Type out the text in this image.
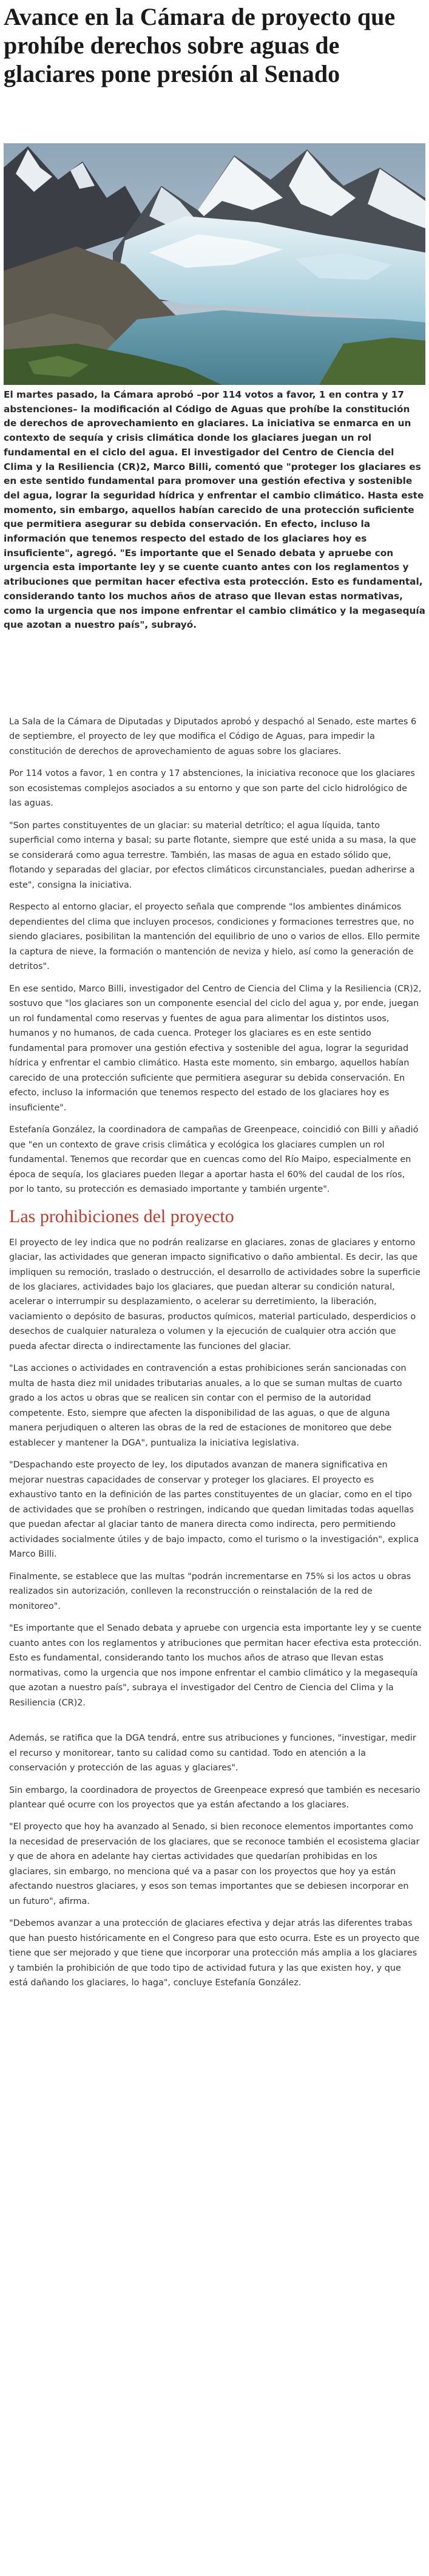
Avance en la Cámara de proyecto que prohíbe derechos sobre aguas de glaciares pone presión al Senado

El martes pasado, la Cámara aprobó –por 114 votos a favor, 1 en contra y 17 abstenciones– la modificación al Código de Aguas que prohíbe la constitución de derechos de aprovechamiento en glaciares. La iniciativa se enmarca en un contexto de sequía y crisis climática donde los glaciares juegan un rol fundamental en el ciclo del agua. El investigador del Centro de Ciencia del Clima y la Resiliencia (CR)2, Marco Billi, comentó que "proteger los glaciares es en este sentido fundamental para promover una gestión efectiva y sostenible del agua, lograr la seguridad hídrica y enfrentar el cambio climático. Hasta este momento, sin embargo, aquellos habían carecido de una protección suficiente que permitiera asegurar su debida conservación. En efecto, incluso la información que tenemos respecto del estado de los glaciares hoy es insuficiente", agregó. "Es importante que el Senado debata y apruebe con urgencia esta importante ley y se cuente cuanto antes con los reglamentos y atribuciones que permitan hacer efectiva esta protección. Esto es fundamental, considerando tanto los muchos años de atraso que llevan estas normativas, como la urgencia que nos impone enfrentar el cambio climático y la megasequía que azotan a nuestro país", subrayó.

La Sala de la Cámara de Diputadas y Diputados aprobó y despachó al Senado, este martes 6 de septiembre, el proyecto de ley que modifica el Código de Aguas, para impedir la constitución de derechos de aprovechamiento de aguas sobre los glaciares.

Por 114 votos a favor, 1 en contra y 17 abstenciones, la iniciativa reconoce que los glaciares son ecosistemas complejos asociados a su entorno y que son parte del ciclo hidrológico de las aguas.

"Son partes constituyentes de un glaciar: su material detrítico; el agua líquida, tanto superficial como interna y basal; su parte flotante, siempre que esté unida a su masa, la que se considerará como agua terrestre. También, las masas de agua en estado sólido que, flotando y separadas del glaciar, por efectos climáticos circunstanciales, puedan adherirse a este", consigna la iniciativa.

Respecto al entorno glaciar, el proyecto señala que comprende "los ambientes dinámicos dependientes del clima que incluyen procesos, condiciones y formaciones terrestres que, no siendo glaciares, posibilitan la mantención del equilibrio de uno o varios de ellos. Ello permite la captura de nieve, la formación o mantención de neviza y hielo, así como la generación de detritos".

En ese sentido, Marco Billi, investigador del Centro de Ciencia del Clima y la Resiliencia (CR)2, sostuvo que "los glaciares son un componente esencial del ciclo del agua y, por ende, juegan un rol fundamental como reservas y fuentes de agua para alimentar los distintos usos, humanos y no humanos, de cada cuenca. Proteger los glaciares es en este sentido fundamental para promover una gestión efectiva y sostenible del agua, lograr la seguridad hídrica y enfrentar el cambio climático. Hasta este momento, sin embargo, aquellos habían carecido de una protección suficiente que permitiera asegurar su debida conservación. En efecto, incluso la información que tenemos respecto del estado de los glaciares hoy es insuficiente".

Estefanía González, la coordinadora de campañas de Greenpeace, coincidió con Billi y añadió que "en un contexto de grave crisis climática y ecológica los glaciares cumplen un rol fundamental. Tenemos que recordar que en cuencas como del Río Maipo, especialmente en época de sequía, los glaciares pueden llegar a aportar hasta el 60% del caudal de los ríos, por lo tanto, su protección es demasiado importante y también urgente".

Las prohibiciones del proyecto

El proyecto de ley indica que no podrán realizarse en glaciares, zonas de glaciares y entorno glaciar, las actividades que generan impacto significativo o daño ambiental. Es decir, las que impliquen su remoción, traslado o destrucción, el desarrollo de actividades sobre la superficie de los glaciares, actividades bajo los glaciares, que puedan alterar su condición natural, acelerar o interrumpir su desplazamiento, o acelerar su derretimiento, la liberación, vaciamiento o depósito de basuras, productos químicos, material particulado, desperdicios o desechos de cualquier naturaleza o volumen y la ejecución de cualquier otra acción que pueda afectar directa o indirectamente las funciones del glaciar.

"Las acciones o actividades en contravención a estas prohibiciones serán sancionadas con multa de hasta diez mil unidades tributarias anuales, a lo que se suman multas de cuarto grado a los actos u obras que se realicen sin contar con el permiso de la autoridad competente. Esto, siempre que afecten la disponibilidad de las aguas, o que de alguna manera perjudiquen o alteren las obras de la red de estaciones de monitoreo que debe establecer y mantener la DGA", puntualiza la iniciativa legislativa.

"Despachando este proyecto de ley, los diputados avanzan de manera significativa en mejorar nuestras capacidades de conservar y proteger los glaciares. El proyecto es exhaustivo tanto en la definición de las partes constituyentes de un glaciar, como en el tipo de actividades que se prohíben o restringen, indicando que quedan limitadas todas aquellas que puedan afectar al glaciar tanto de manera directa como indirecta, pero permitiendo actividades socialmente útiles y de bajo impacto, como el turismo o la investigación", explica Marco Billi.

Finalmente, se establece que las multas "podrán incrementarse en 75% si los actos u obras realizados sin autorización, conlleven la reconstrucción o reinstalación de la red de monitoreo".

"Es importante que el Senado debata y apruebe con urgencia esta importante ley y se cuente cuanto antes con los reglamentos y atribuciones que permitan hacer efectiva esta protección. Esto es fundamental, considerando tanto los muchos años de atraso que llevan estas normativas, como la urgencia que nos impone enfrentar el cambio climático y la megasequía que azotan a nuestro país", subraya el investigador del Centro de Ciencia del Clima y la Resiliencia (CR)2.

Además, se ratifica que la DGA tendrá, entre sus atribuciones y funciones, "investigar, medir el recurso y monitorear, tanto su calidad como su cantidad. Todo en atención a la conservación y protección de las aguas y glaciares".

Sin embargo, la coordinadora de proyectos de Greenpeace expresó que también es necesario plantear qué ocurre con los proyectos que ya están afectando a los glaciares.

"El proyecto que hoy ha avanzado al Senado, si bien reconoce elementos importantes como la necesidad de preservación de los glaciares, que se reconoce también el ecosistema glaciar y que de ahora en adelante hay ciertas actividades que quedarían prohibidas en los glaciares, sin embargo, no menciona qué va a pasar con los proyectos que hoy ya están afectando nuestros glaciares, y esos son temas importantes que se debiesen incorporar en un futuro", afirma.

"Debemos avanzar a una protección de glaciares efectiva y dejar atrás las diferentes trabas que han puesto históricamente en el Congreso para que esto ocurra. Este es un proyecto que tiene que ser mejorado y que tiene que incorporar una protección más amplia a los glaciares y también la prohibición de que todo tipo de actividad futura y las que existen hoy, y que está dañando los glaciares, lo haga", concluye Estefanía González.
